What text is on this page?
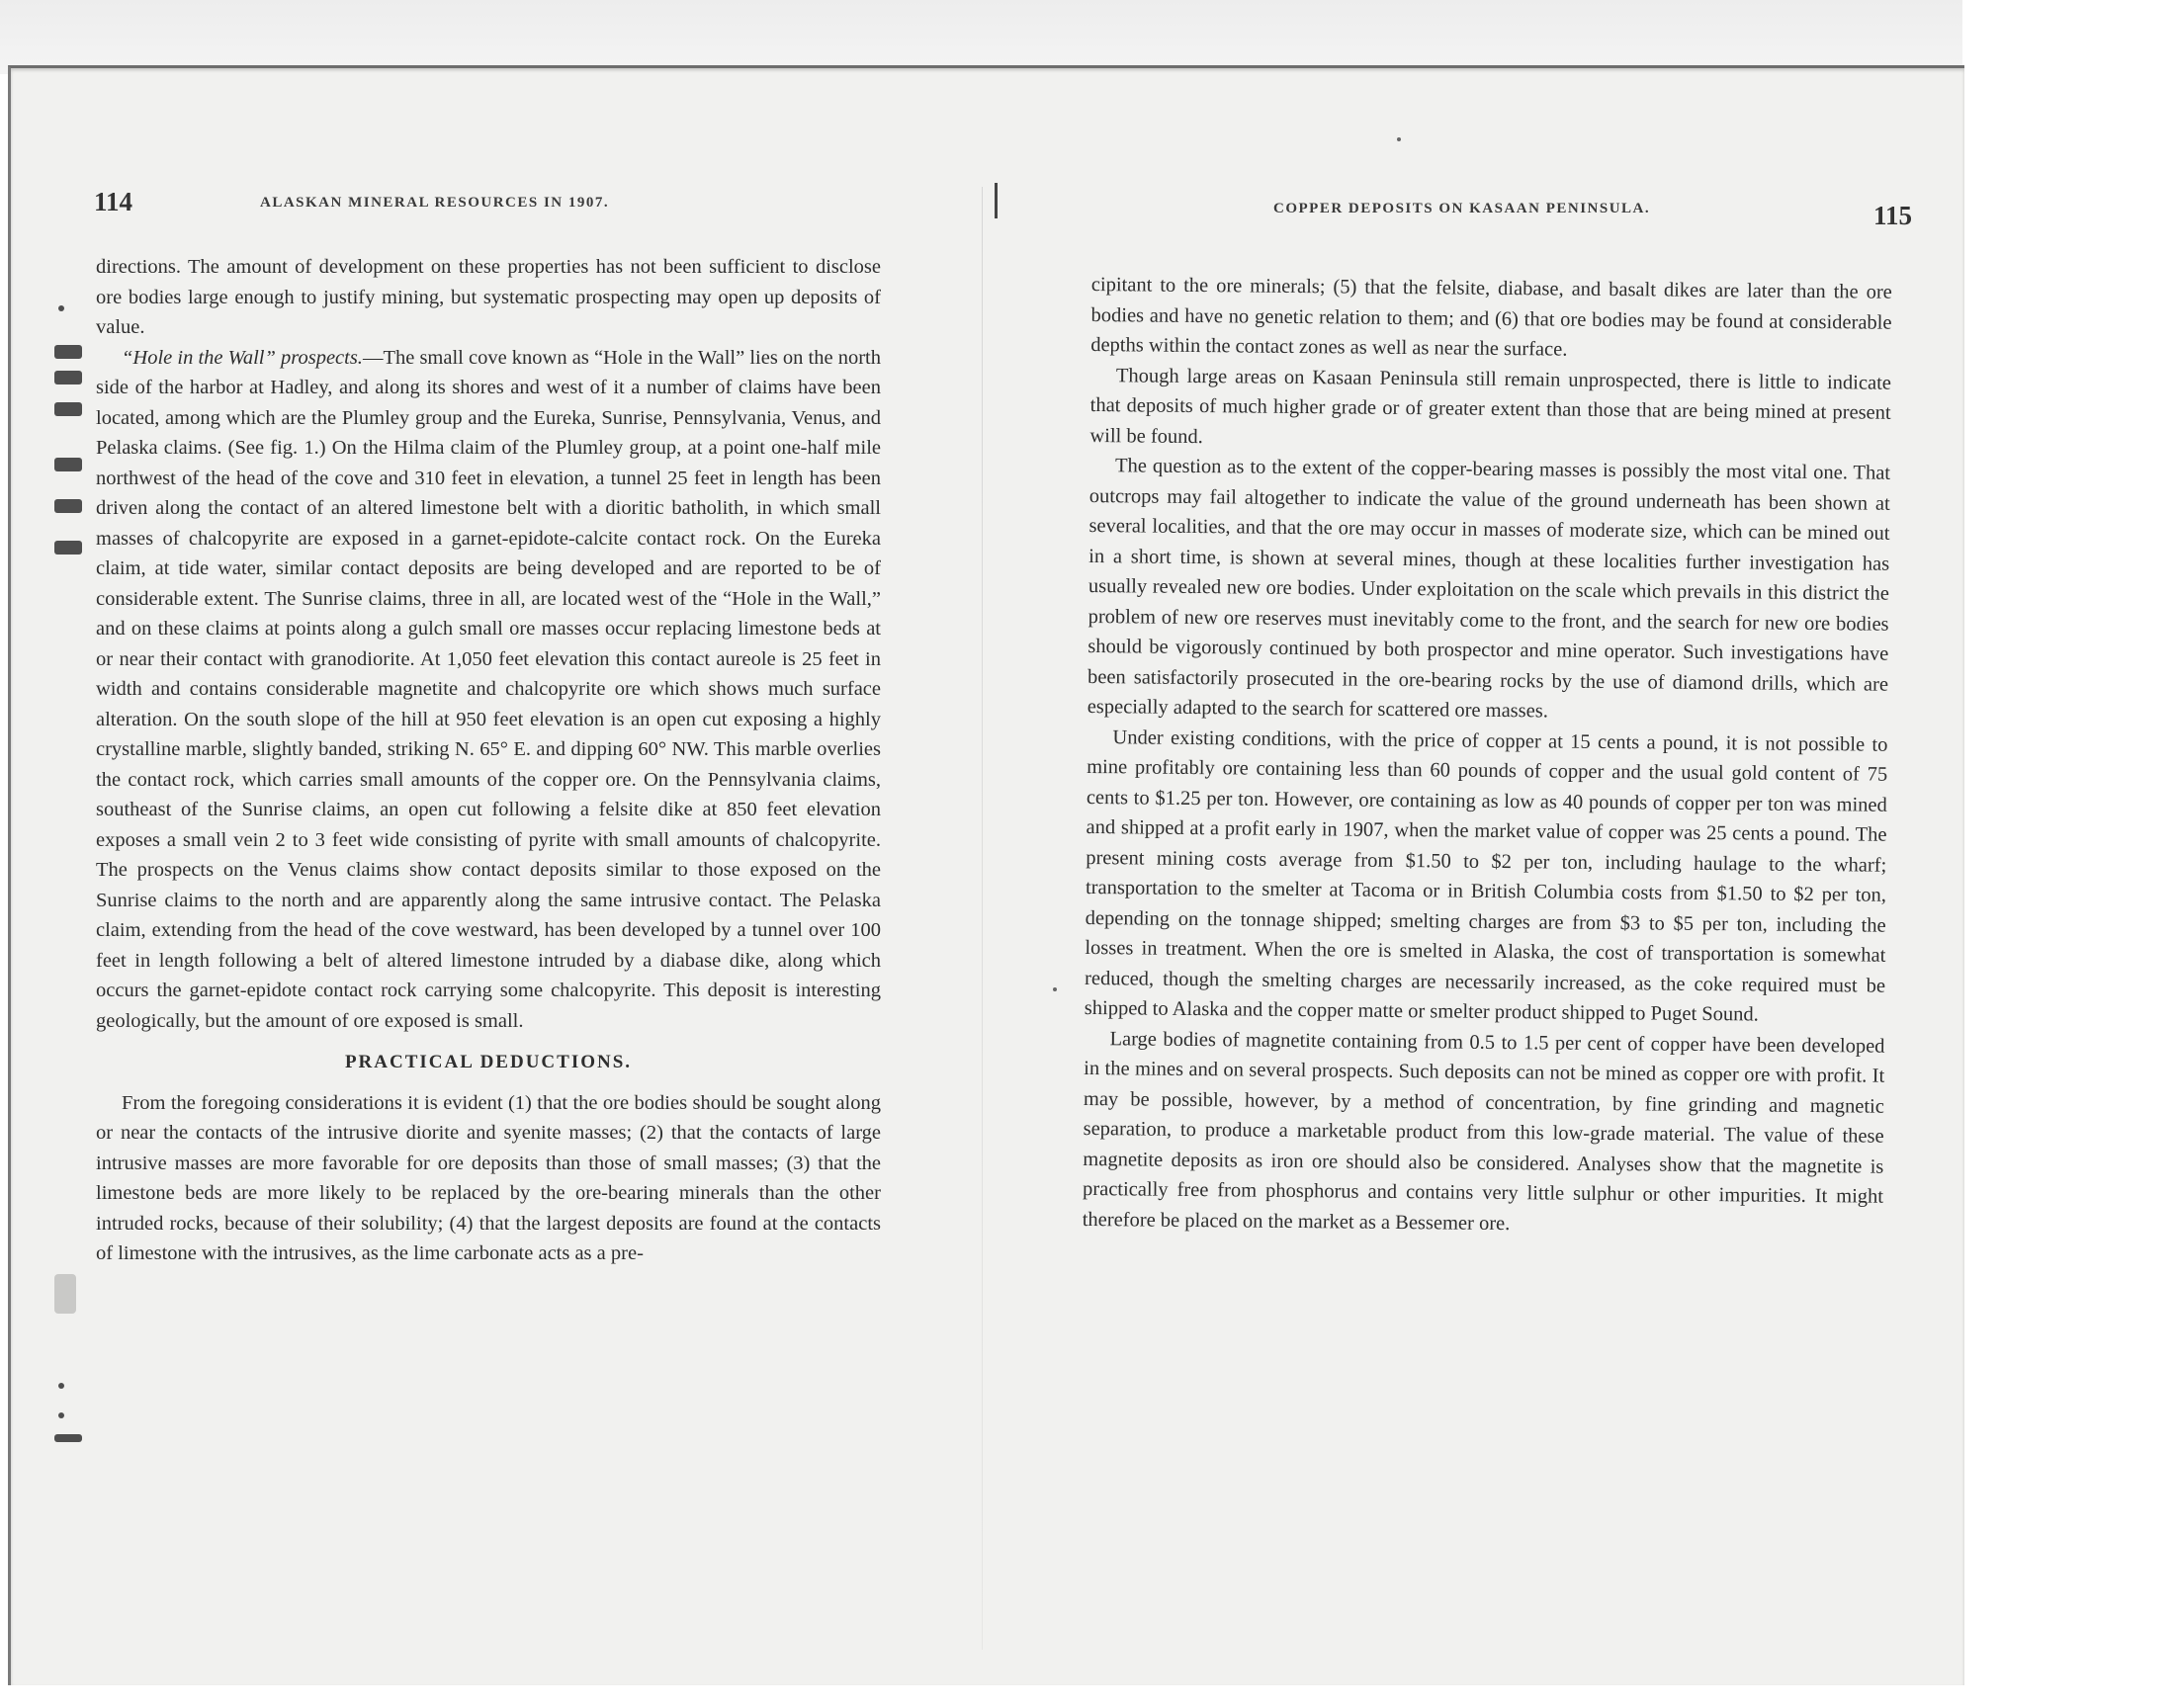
114	ALASKAN MINERAL RESOURCES IN 1907.

directions. The amount of development on these properties has not been sufficient to disclose ore bodies large enough to justify mining, but systematic prospecting may open up deposits of value.

“Hole in the Wall” prospects.—The small cove known as “Hole in the Wall” lies on the north side of the harbor at Hadley, and along its shores and west of it a number of claims have been located, among which are the Plumley group and the Eureka, Sunrise, Pennsylvania, Venus, and Pelaska claims. (See fig. 1.) On the Hilma claim of the Plumley group, at a point one-half mile northwest of the head of the cove and 310 feet in elevation, a tunnel 25 feet in length has been driven along the contact of an altered limestone belt with a dioritic batholith, in which small masses of chalcopyrite are exposed in a garnet-epidote-calcite contact rock. On the Eureka claim, at tide water, similar contact deposits are being developed and are reported to be of considerable extent. The Sunrise claims, three in all, are located west of the “Hole in the Wall,” and on these claims at points along a gulch small ore masses occur replacing limestone beds at or near their contact with granodiorite. At 1,050 feet elevation this contact aureole is 25 feet in width and contains considerable magnetite and chalcopyrite ore which shows much surface alteration. On the south slope of the hill at 950 feet elevation is an open cut exposing a highly crystalline marble, slightly banded, striking N. 65° E. and dipping 60° NW. This marble overlies the contact rock, which carries small amounts of the copper ore. On the Pennsylvania claims, southeast of the Sunrise claims, an open cut following a felsite dike at 850 feet elevation exposes a small vein 2 to 3 feet wide consisting of pyrite with small amounts of chalcopyrite. The prospects on the Venus claims show contact deposits similar to those exposed on the Sunrise claims to the north and are apparently along the same intrusive contact. The Pelaska claim, extending from the head of the cove westward, has been developed by a tunnel over 100 feet in length following a belt of altered limestone intruded by a diabase dike, along which occurs the garnet-epidote contact rock carrying some chalcopyrite. This deposit is interesting geologically, but the amount of ore exposed is small.

PRACTICAL DEDUCTIONS.

From the foregoing considerations it is evident (1) that the ore bodies should be sought along or near the contacts of the intrusive diorite and syenite masses; (2) that the contacts of large intrusive masses are more favorable for ore deposits than those of small masses; (3) that the limestone beds are more likely to be replaced by the ore-bearing minerals than the other intruded rocks, because of their solubility; (4) that the largest deposits are found at the contacts of limestone with the intrusives, as the lime carbonate acts as a pre-

COPPER DEPOSITS ON KASAAN PENINSULA.	115

cipitant to the ore minerals; (5) that the felsite, diabase, and basalt dikes are later than the ore bodies and have no genetic relation to them; and (6) that ore bodies may be found at considerable depths within the contact zones as well as near the surface.

Though large areas on Kasaan Peninsula still remain unprospected, there is little to indicate that deposits of much higher grade or of greater extent than those that are being mined at present will be found.

The question as to the extent of the copper-bearing masses is possibly the most vital one. That outcrops may fail altogether to indicate the value of the ground underneath has been shown at several localities, and that the ore may occur in masses of moderate size, which can be mined out in a short time, is shown at several mines, though at these localities further investigation has usually revealed new ore bodies. Under exploitation on the scale which prevails in this district the problem of new ore reserves must inevitably come to the front, and the search for new ore bodies should be vigorously continued by both prospector and mine operator. Such investigations have been satisfactorily prosecuted in the ore-bearing rocks by the use of diamond drills, which are especially adapted to the search for scattered ore masses.

Under existing conditions, with the price of copper at 15 cents a pound, it is not possible to mine profitably ore containing less than 60 pounds of copper and the usual gold content of 75 cents to $1.25 per ton. However, ore containing as low as 40 pounds of copper per ton was mined and shipped at a profit early in 1907, when the market value of copper was 25 cents a pound. The present mining costs average from $1.50 to $2 per ton, including haulage to the wharf; transportation to the smelter at Tacoma or in British Columbia costs from $1.50 to $2 per ton, depending on the tonnage shipped; smelting charges are from $3 to $5 per ton, including the losses in treatment. When the ore is smelted in Alaska, the cost of transportation is somewhat reduced, though the smelting charges are necessarily increased, as the coke required must be shipped to Alaska and the copper matte or smelter product shipped to Puget Sound.

Large bodies of magnetite containing from 0.5 to 1.5 per cent of copper have been developed in the mines and on several prospects. Such deposits can not be mined as copper ore with profit. It may be possible, however, by a method of concentration, by fine grinding and magnetic separation, to produce a marketable product from this low-grade material. The value of these magnetite deposits as iron ore should also be considered. Analyses show that the magnetite is practically free from phosphorus and contains very little sulphur or other impurities. It might therefore be placed on the market as a Bessemer ore.
